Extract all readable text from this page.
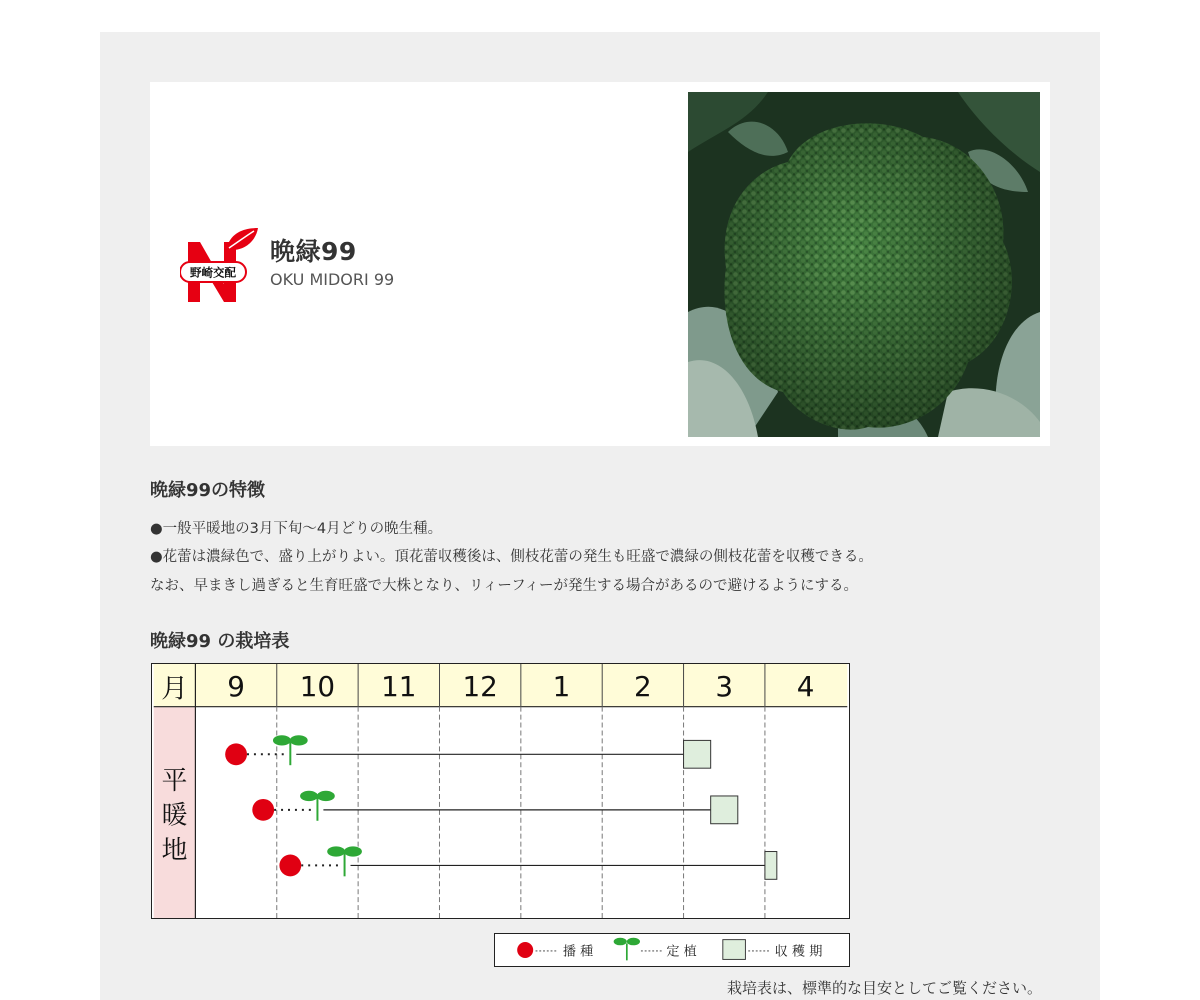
野崎交配
晩緑99
OKU MIDORI 99
晩緑99の特徴
●一般平暖地の3月下旬〜4月どりの晩生種。
●花蕾は濃緑色で、盛り上がりよい。頂花蕾収穫後は、側枝花蕾の発生も旺盛で濃緑の側枝花蕾を収穫できる。
なお、早まきし過ぎると生育旺盛で大株となり、リィーフィーが発生する場合があるので避けるようにする。
晩緑99 の栽培表
月 9 10 11 12 1 2 3 4
平
暖
地
播 種	定 植	収 穫 期
栽培表は、標準的な目安としてご覧ください。
